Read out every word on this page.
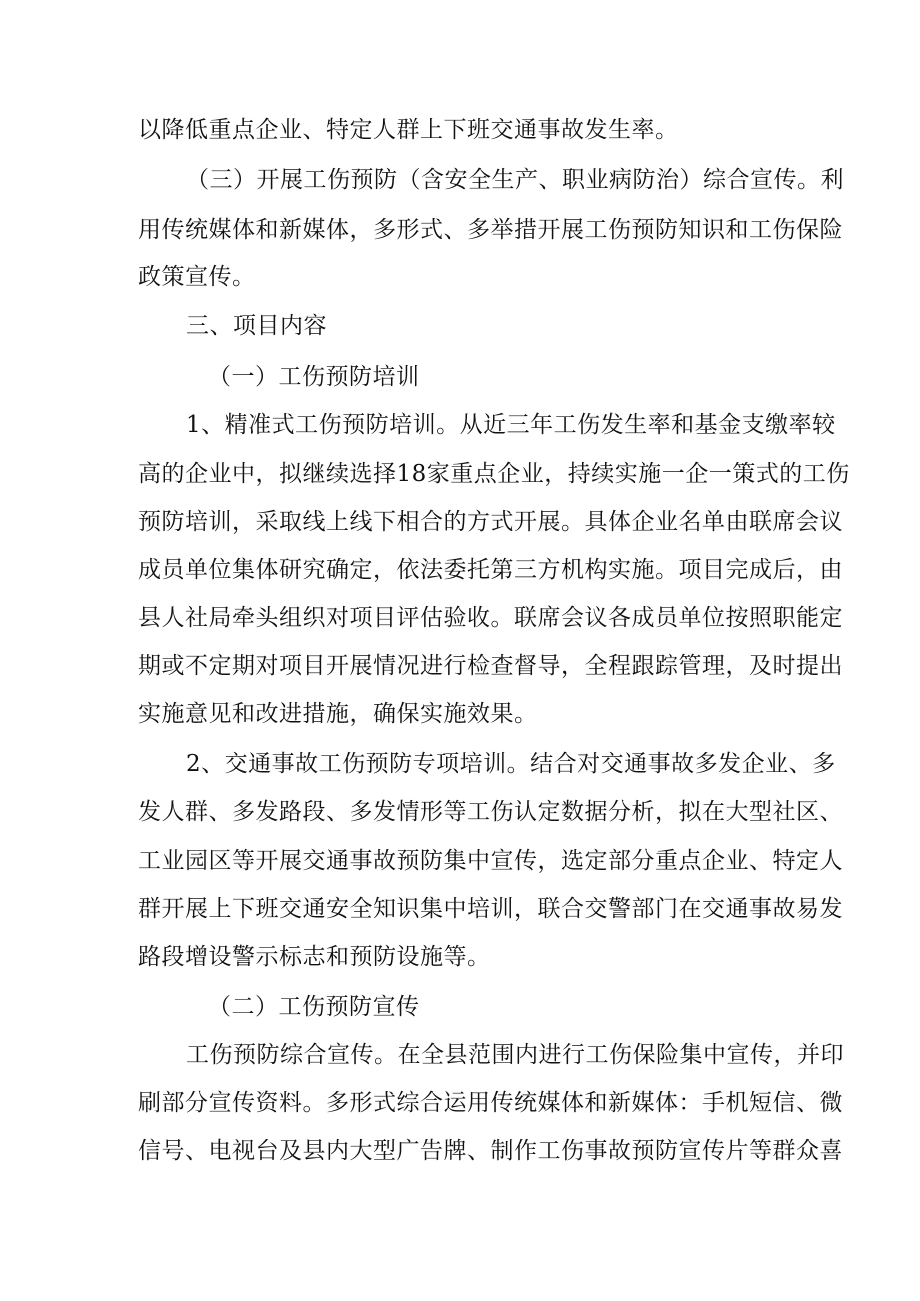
以降低重点企业、特定人群上下班交通事故发生率。
（三）开展工伤预防（含安全生产、职业病防治）综合宣传。利
用传统媒体和新媒体，多形式、多举措开展工伤预防知识和工伤保险
政策宣传。
三、项目内容
（一）工伤预防培训
1、精准式工伤预防培训。从近三年工伤发生率和基金支缴率较
高的企业中，拟继续选择18家重点企业，持续实施一企一策式的工伤
预防培训，采取线上线下相合的方式开展。具体企业名单由联席会议
成员单位集体研究确定，依法委托第三方机构实施。项目完成后，由
县人社局牵头组织对项目评估验收。联席会议各成员单位按照职能定
期或不定期对项目开展情况进行检查督导，全程跟踪管理，及时提出
实施意见和改进措施，确保实施效果。
2、交通事故工伤预防专项培训。结合对交通事故多发企业、多
发人群、多发路段、多发情形等工伤认定数据分析，拟在大型社区、
工业园区等开展交通事故预防集中宣传，选定部分重点企业、特定人
群开展上下班交通安全知识集中培训，联合交警部门在交通事故易发
路段增设警示标志和预防设施等。
（二）工伤预防宣传
工伤预防综合宣传。在全县范围内进行工伤保险集中宣传，并印
刷部分宣传资料。多形式综合运用传统媒体和新媒体：手机短信、微
信号、电视台及县内大型广告牌、制作工伤事故预防宣传片等群众喜
